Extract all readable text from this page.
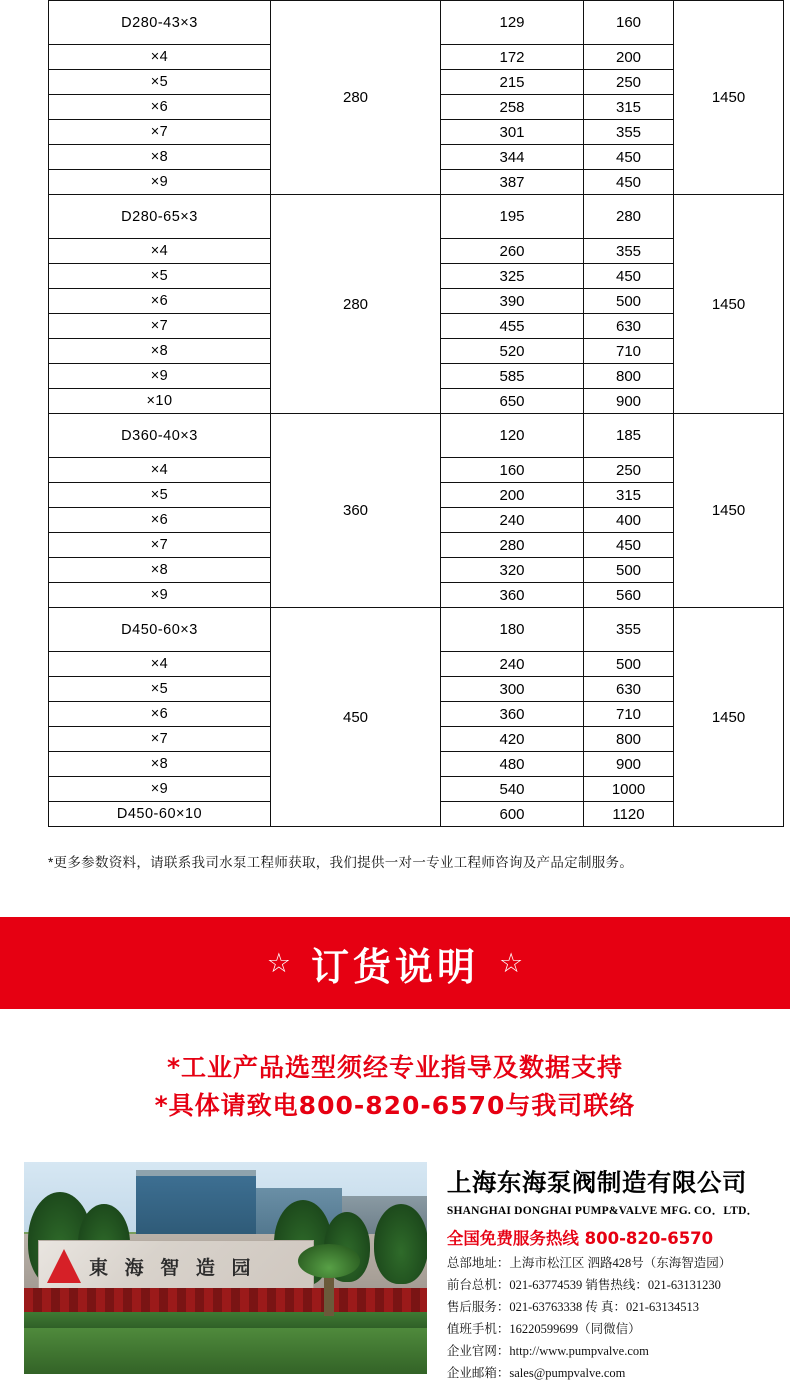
D280-43×3	280	129	160	1450
×4		172	200	
×5		215	250	
×6		258	315	
×7		301	355	
×8		344	450	
×9		387	450	
D280-65×3	280	195	280	1450
×4		260	355	
×5		325	450	
×6		390	500	
×7		455	630	
×8		520	710	
×9		585	800	
×10		650	900	
D360-40×3	360	120	185	1450
×4		160	250	
×5		200	315	
×6		240	400	
×7		280	450	
×8		320	500	
×9		360	560	
D450-60×3	450	180	355	1450
×4		240	500	
×5		300	630	
×6		360	710	
×7		420	800	
×8		480	900	
×9		540	1000	
D450-60×10		600	1120	
*更多参数资料，请联系我司水泵工程师获取，我们提供一对一专业工程师咨询及产品定制服务。
☆ 订货说明 ☆
*工业产品选型须经专业指导及数据支持
*具体请致电800-820-6570与我司联络
東 海 智 造 园
上海东海泵阀制造有限公司
SHANGHAI DONGHAI PUMP&VALVE MFG. CO．LTD．
全国免费服务热线 800-820-6570
总部地址：上海市松江区 泗路428号（东海智造园）
前台总机：021-63774539 销售热线：021-63131230
售后服务：021-63763338 传 真：021-63134513
值班手机：16220599699（同微信）
企业官网：http://www.pumpvalve.com
企业邮箱：sales@pumpvalve.com
